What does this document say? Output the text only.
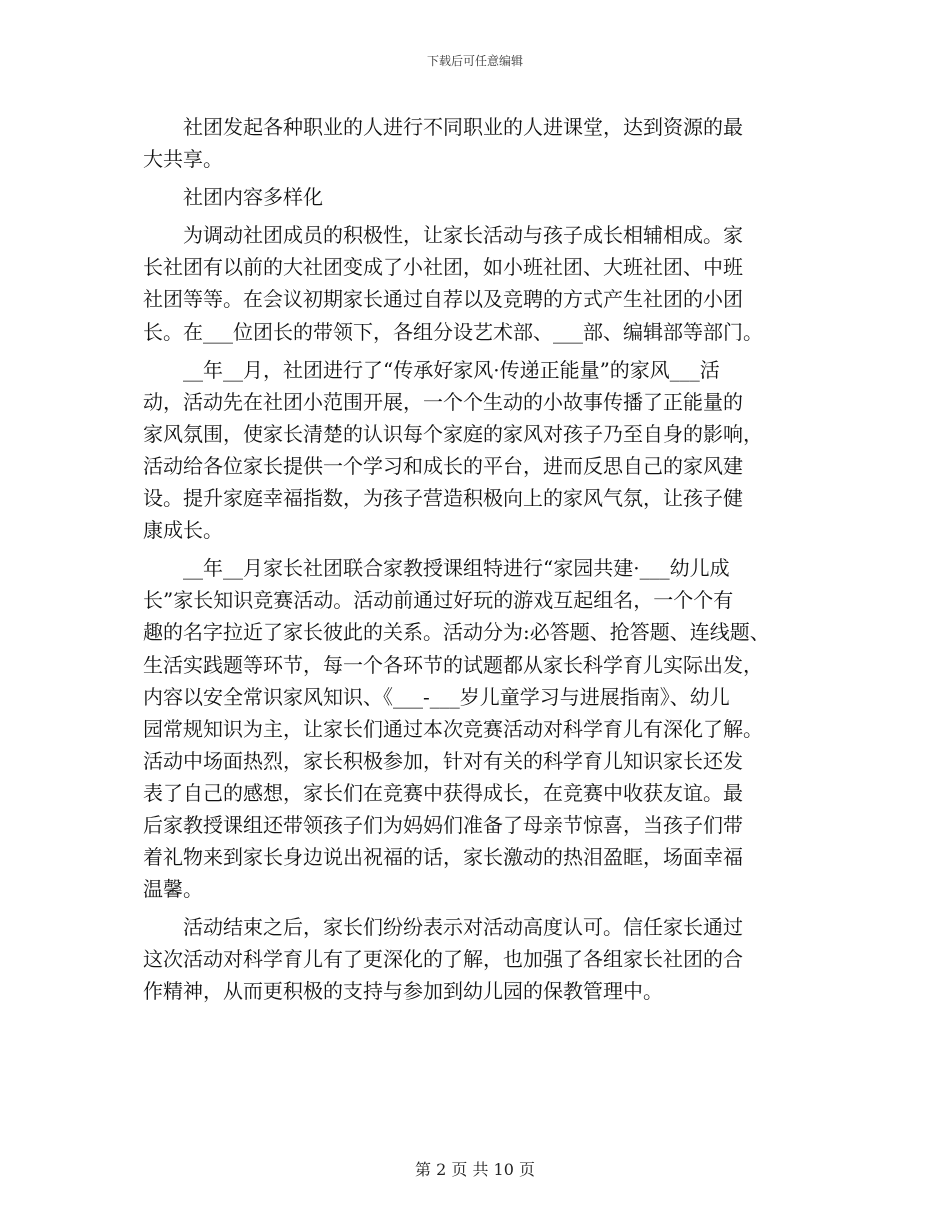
下载后可任意编辑
　　社团发起各种职业的人进行不同职业的人进课堂，达到资源的最
大共享。
　　社团内容多样化
　　为调动社团成员的积极性，让家长活动与孩子成长相辅相成。家
长社团有以前的大社团变成了小社团，如小班社团、大班社团、中班
社团等等。在会议初期家长通过自荐以及竞聘的方式产生社团的小团
长。在___位团长的带领下，各组分设艺术部、___部、编辑部等部门。
　　__年__月，社团进行了“传承好家风·传递正能量”的家风___活
动，活动先在社团小范围开展，一个个生动的小故事传播了正能量的
家风氛围，使家长清楚的认识每个家庭的家风对孩子乃至自身的影响，
活动给各位家长提供一个学习和成长的平台，进而反思自己的家风建
设。提升家庭幸福指数，为孩子营造积极向上的家风气氛，让孩子健
康成长。
　　__年__月家长社团联合家教授课组特进行“家园共建·___幼儿成
长”家长知识竞赛活动。活动前通过好玩的游戏互起组名，一个个有
趣的名字拉近了家长彼此的关系。活动分为:必答题、抢答题、连线题、
生活实践题等环节，每一个各环节的试题都从家长科学育儿实际出发，
内容以安全常识家风知识、《___-___岁儿童学习与进展指南》、幼儿
园常规知识为主，让家长们通过本次竞赛活动对科学育儿有深化了解。
活动中场面热烈，家长积极参加，针对有关的科学育儿知识家长还发
表了自己的感想，家长们在竞赛中获得成长，在竞赛中收获友谊。最
后家教授课组还带领孩子们为妈妈们准备了母亲节惊喜，当孩子们带
着礼物来到家长身边说出祝福的话，家长激动的热泪盈眶，场面幸福
温馨。
　　活动结束之后，家长们纷纷表示对活动高度认可。信任家长通过
这次活动对科学育儿有了更深化的了解，也加强了各组家长社团的合
作精神，从而更积极的支持与参加到幼儿园的保教管理中。
第 2 页 共 10 页
